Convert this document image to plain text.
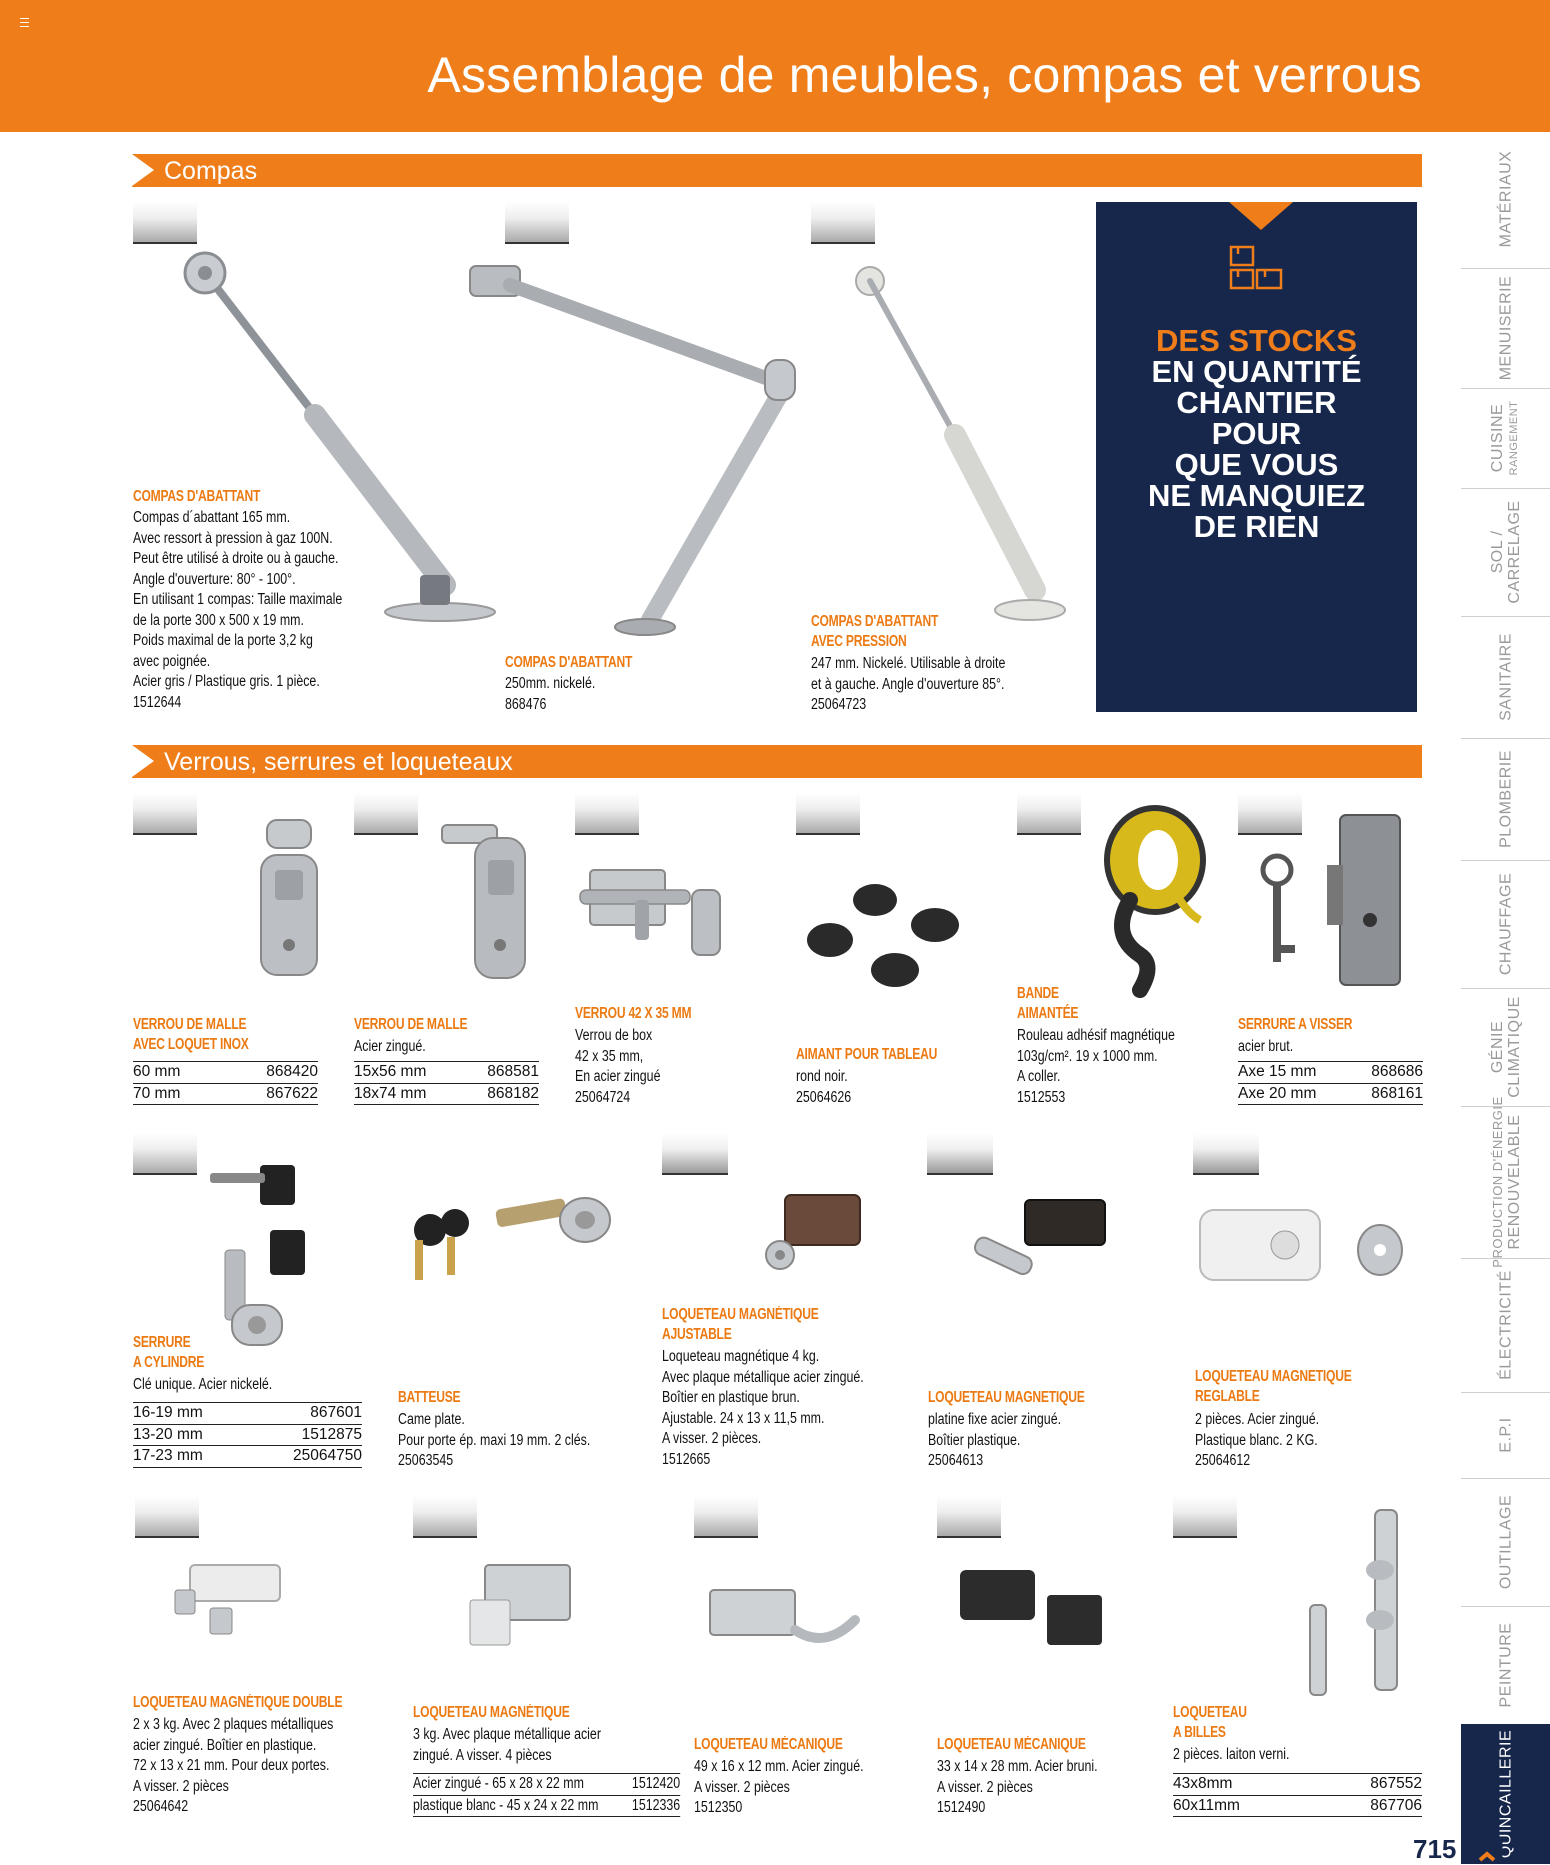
Assemblage de meubles, compas et verrous
Compas
Verrous, serrures et loqueteaux
COMPAS D'ABATTANT
Compas d´abattant 165 mm.
Avec ressort à pression à gaz 100N.
Peut être utilisé à droite ou à gauche.
Angle d'ouverture: 80° - 100°.
En utilisant 1 compas: Taille maximale
de la porte 300 x 500 x 19 mm.
Poids maximal de la porte 3,2 kg
avec poignée.
Acier gris / Plastique gris. 1 pièce.
1512644
COMPAS D'ABATTANT
250mm. nickelé.
868476
COMPAS D'ABATTANT
AVEC PRESSION
247 mm. Nickelé. Utilisable à droite
et à gauche. Angle d'ouverture 85°.
25064723
DES STOCKS
EN QUANTITÉ
CHANTIER
POUR
QUE VOUS
NE MANQUIEZ
DE RIEN
VERROU DE MALLE
AVEC LOQUET INOX
60 mm	868420
70 mm	867622
VERROU DE MALLE
Acier zingué.
15x56 mm	868581
18x74 mm	868182
VERROU 42 X 35 MM
Verrou de box
42 x 35 mm,
En acier zingué
25064724
AIMANT POUR TABLEAU
rond noir.
25064626
BANDE
AIMANTÉE
Rouleau adhésif magnétique
103g/cm². 19 x 1000 mm.
A coller.
1512553
SERRURE A VISSER
acier brut.
Axe 15 mm	868686
Axe 20 mm	868161
SERRURE
A CYLINDRE
Clé unique. Acier nickelé.
16-19 mm	867601
13-20 mm	1512875
17-23 mm	25064750
BATTEUSE
Came plate.
Pour porte ép. maxi 19 mm. 2 clés.
25063545
LOQUETEAU MAGNÉTIQUE
AJUSTABLE
Loqueteau magnétique 4 kg.
Avec plaque métallique acier zingué.
Boîtier en plastique brun.
Ajustable. 24 x 13 x 11,5 mm.
A visser. 2 pièces.
1512665
LOQUETEAU MAGNETIQUE
platine fixe acier zingué.
Boîtier plastique.
25064613
LOQUETEAU MAGNETIQUE
REGLABLE
2 pièces. Acier zingué.
Plastique blanc. 2 KG.
25064612
LOQUETEAU MAGNÉTIQUE DOUBLE
2 x 3 kg. Avec 2 plaques métalliques
acier zingué. Boîtier en plastique.
72 x 13 x 21 mm. Pour deux portes.
A visser. 2 pièces
25064642
LOQUETEAU MAGNÉTIQUE
3 kg. Avec plaque métallique acier
zingué. A visser. 4 pièces
Acier zingué - 65 x 28 x 22 mm	1512420
plastique blanc - 45 x 24 x 22 mm 1512336
LOQUETEAU MÉCANIQUE
49 x 16 x 12 mm. Acier zingué.
A visser. 2 pièces
1512350
LOQUETEAU MÉCANIQUE
33 x 14 x 28 mm. Acier bruni.
A visser. 2 pièces
1512490
LOQUETEAU
A BILLES
2 pièces. laiton verni.
43x8mm	867552
60x11mm	867706
MATÉRIAUX
MENUISERIE
CUISINE RANGEMENT
SOL / CARRELAGE
SANITAIRE
PLOMBERIE
CHAUFFAGE
GÉNIE CLIMATIQUE
PRODUCTION D'ÉNERGIE RENOUVELABLE
ÉLECTRICITÉ
E.P.I
OUTILLAGE
PEINTURE
QUINCAILLERIE
715
